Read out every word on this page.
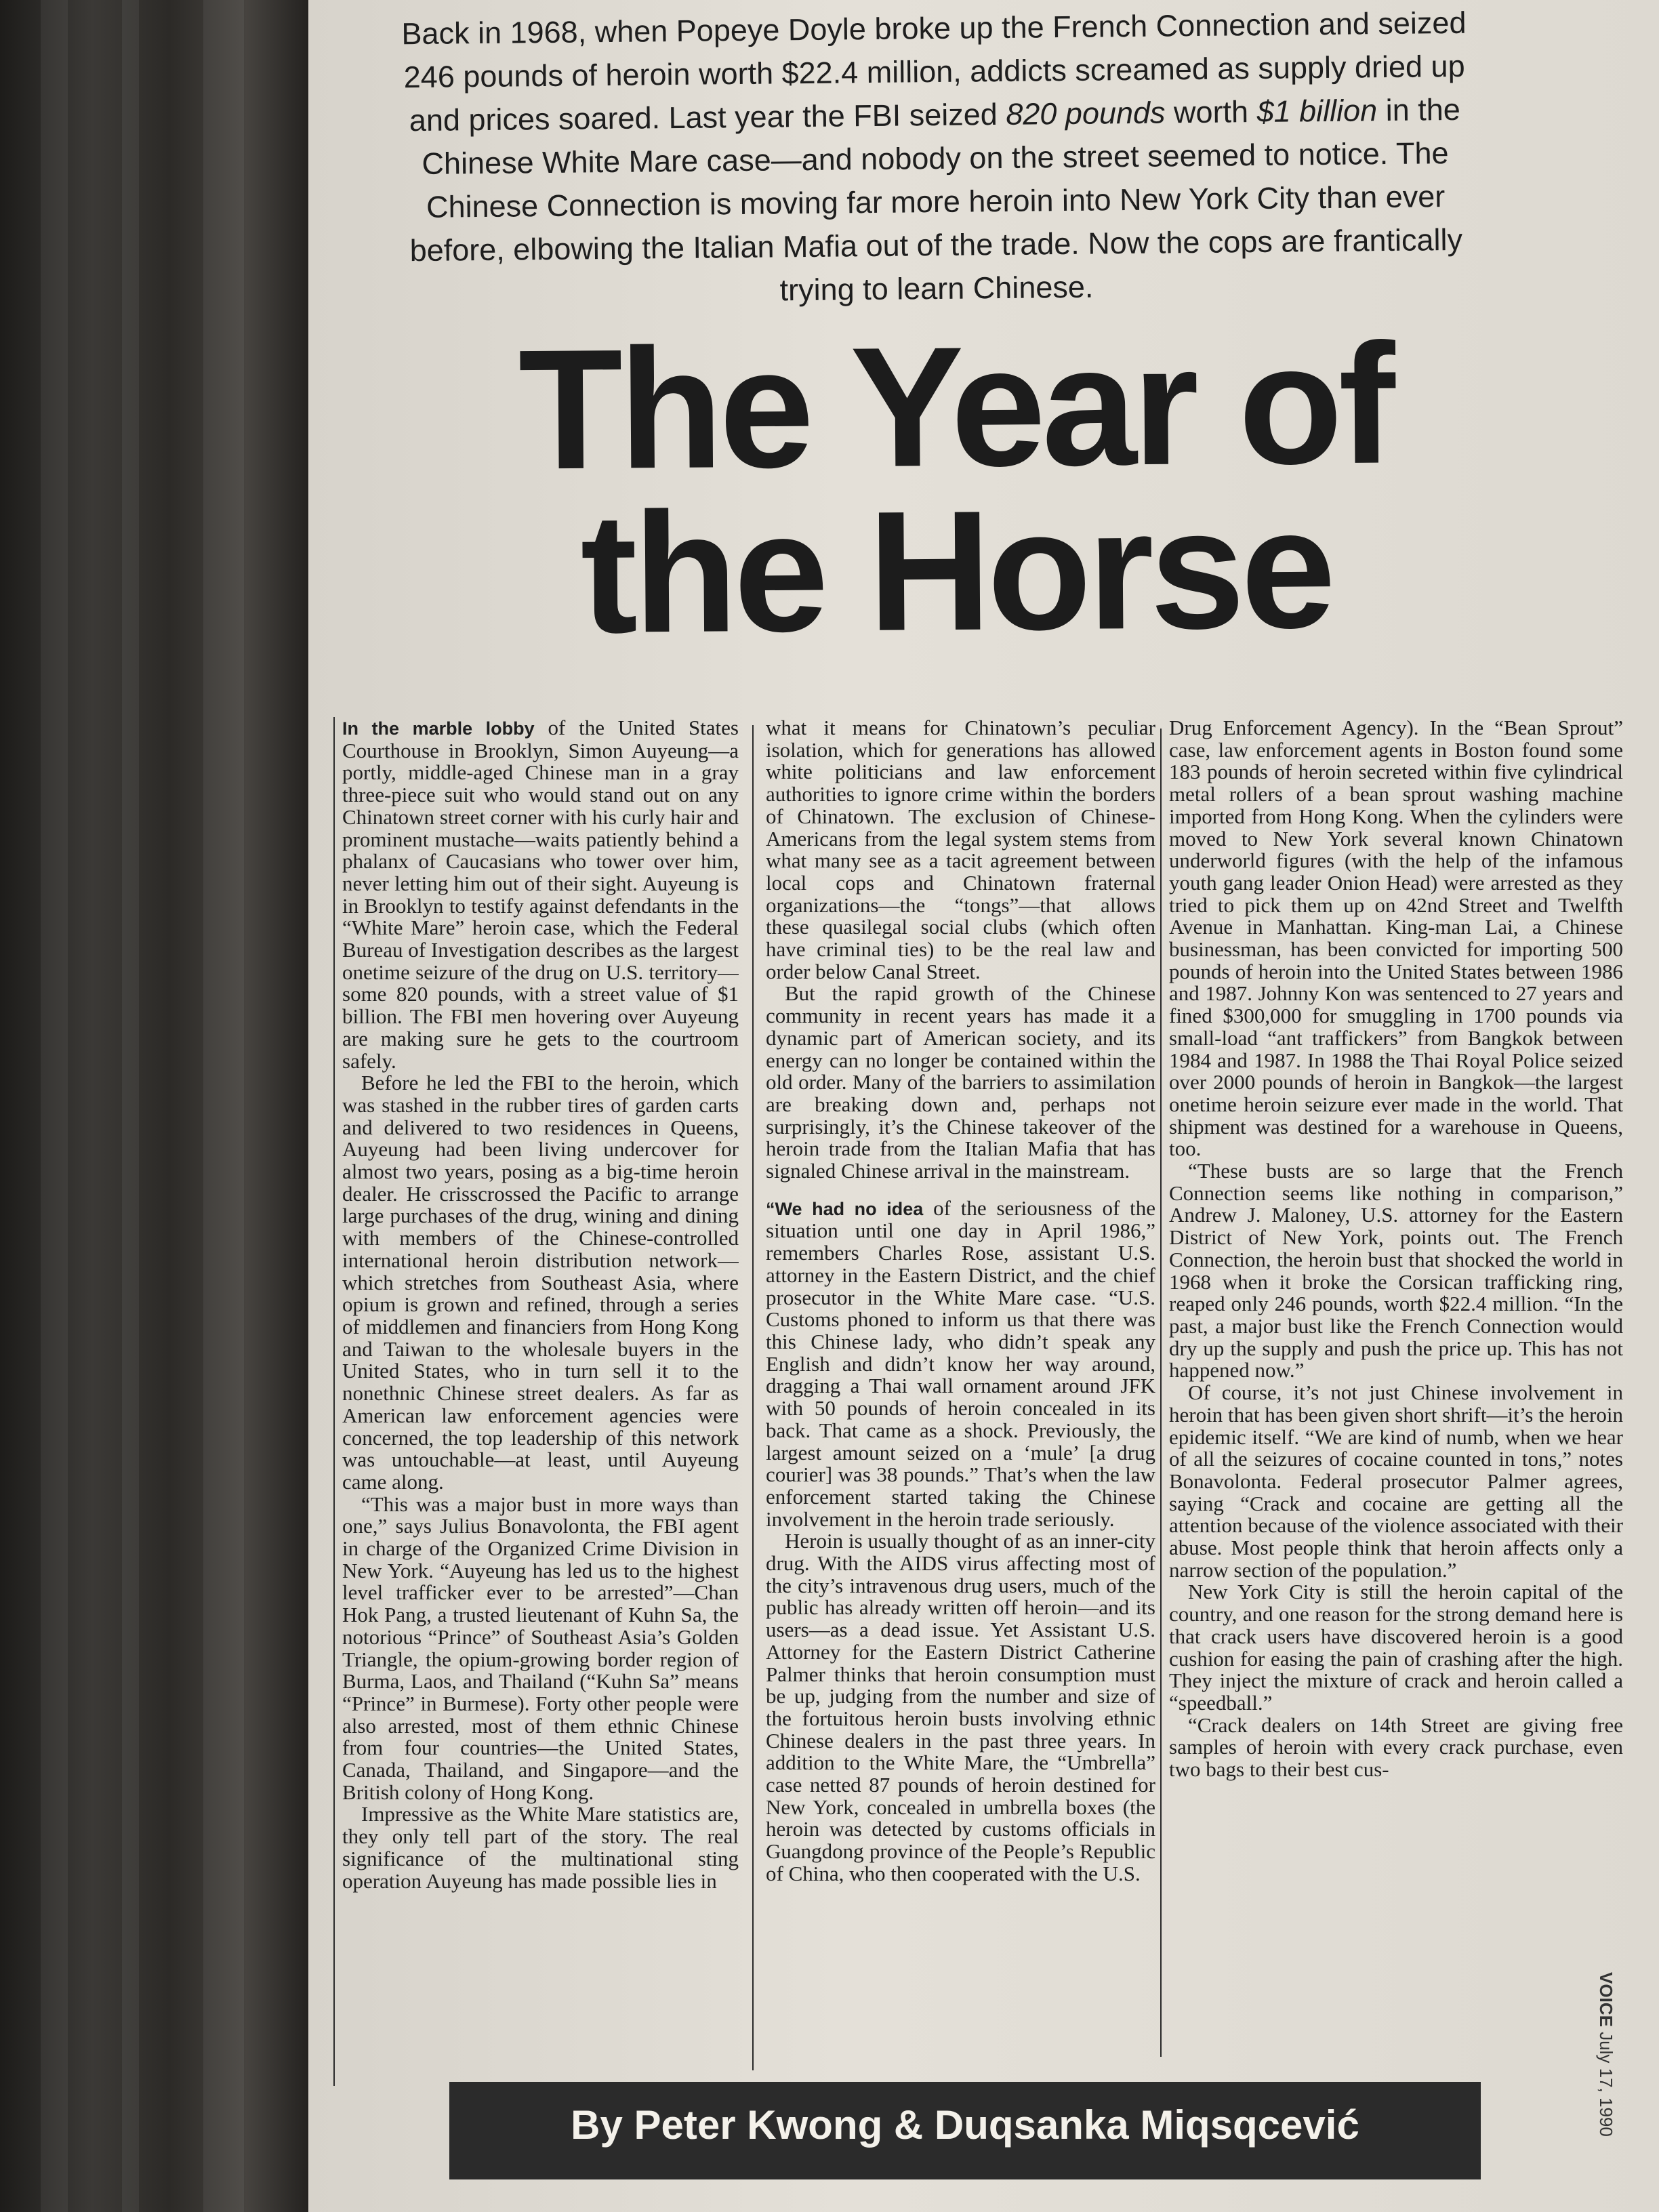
Back in 1968, when Popeye Doyle broke up the French Connection and seized 246 pounds of heroin worth $22.4 million, addicts screamed as supply dried up and prices soared. Last year the FBI seized 820 pounds worth $1 billion in the Chinese White Mare case—and nobody on the street seemed to notice. The Chinese Connection is moving far more heroin into New York City than ever before, elbowing the Italian Mafia out of the trade. Now the cops are frantically trying to learn Chinese.
The Year of
the Horse

In the marble lobby of the United States Courthouse in Brooklyn, Simon Auyeung—a portly, middle-aged Chinese man in a gray three-piece suit who would stand out on any Chinatown street corner with his curly hair and prominent mustache—waits patiently behind a phalanx of Caucasians who tower over him, never letting him out of their sight. Auyeung is in Brooklyn to testify against defendants in the “White Mare” heroin case, which the Federal Bureau of Investigation describes as the largest onetime seizure of the drug on U.S. territory—some 820 pounds, with a street value of $1 billion. The FBI men hovering over Auyeung are making sure he gets to the courtroom safely.

Before he led the FBI to the heroin, which was stashed in the rubber tires of garden carts and delivered to two residences in Queens, Auyeung had been living undercover for almost two years, posing as a big-time heroin dealer. He crisscrossed the Pacific to arrange large purchases of the drug, wining and dining with members of the Chinese-controlled international heroin distribution network—which stretches from Southeast Asia, where opium is grown and refined, through a series of middlemen and financiers from Hong Kong and Taiwan to the wholesale buyers in the United States, who in turn sell it to the nonethnic Chinese street dealers. As far as American law enforcement agencies were concerned, the top leadership of this network was untouchable—at least, until Auyeung came along.

“This was a major bust in more ways than one,” says Julius Bonavolonta, the FBI agent in charge of the Organized Crime Division in New York. “Auyeung has led us to the highest level trafficker ever to be arrested”—Chan Hok Pang, a trusted lieutenant of Kuhn Sa, the notorious “Prince” of Southeast Asia’s Golden Triangle, the opium-growing border region of Burma, Laos, and Thailand (“Kuhn Sa” means “Prince” in Burmese). Forty other people were also arrested, most of them ethnic Chinese from four countries—the United States, Canada, Thailand, and Singapore—and the British colony of Hong Kong.

Impressive as the White Mare statistics are, they only tell part of the story. The real significance of the multinational sting operation Auyeung has made possible lies in

what it means for Chinatown’s peculiar isolation, which for generations has allowed white politicians and law enforcement authorities to ignore crime within the borders of Chinatown. The exclusion of Chinese-Americans from the legal system stems from what many see as a tacit agreement between local cops and Chinatown fraternal organizations—the “tongs”—that allows these quasilegal social clubs (which often have criminal ties) to be the real law and order below Canal Street.

But the rapid growth of the Chinese community in recent years has made it a dynamic part of American society, and its energy can no longer be contained within the old order. Many of the barriers to assimilation are breaking down and, perhaps not surprisingly, it’s the Chinese takeover of the heroin trade from the Italian Mafia that has signaled Chinese arrival in the mainstream.

“We had no idea of the seriousness of the situation until one day in April 1986,” remembers Charles Rose, assistant U.S. attorney in the Eastern District, and the chief prosecutor in the White Mare case. “U.S. Customs phoned to inform us that there was this Chinese lady, who didn’t speak any English and didn’t know her way around, dragging a Thai wall ornament around JFK with 50 pounds of heroin concealed in its back. That came as a shock. Previously, the largest amount seized on a ‘mule’ [a drug courier] was 38 pounds.” That’s when the law enforcement started taking the Chinese involvement in the heroin trade seriously.

Heroin is usually thought of as an inner-city drug. With the AIDS virus affecting most of the city’s intravenous drug users, much of the public has already written off heroin—and its users—as a dead issue. Yet Assistant U.S. Attorney for the Eastern District Catherine Palmer thinks that heroin consumption must be up, judging from the number and size of the fortuitous heroin busts involving ethnic Chinese dealers in the past three years. In addition to the White Mare, the “Umbrella” case netted 87 pounds of heroin destined for New York, concealed in umbrella boxes (the heroin was detected by customs officials in Guangdong province of the People’s Republic of China, who then cooperated with the U.S.

Drug Enforcement Agency). In the “Bean Sprout” case, law enforcement agents in Boston found some 183 pounds of heroin secreted within five cylindrical metal rollers of a bean sprout washing machine imported from Hong Kong. When the cylinders were moved to New York several known Chinatown underworld figures (with the help of the infamous youth gang leader Onion Head) were arrested as they tried to pick them up on 42nd Street and Twelfth Avenue in Manhattan. King-man Lai, a Chinese businessman, has been convicted for importing 500 pounds of heroin into the United States between 1986 and 1987. Johnny Kon was sentenced to 27 years and fined $300,000 for smuggling in 1700 pounds via small-load “ant traffickers” from Bangkok between 1984 and 1987. In 1988 the Thai Royal Police seized over 2000 pounds of heroin in Bangkok—the largest onetime heroin seizure ever made in the world. That shipment was destined for a warehouse in Queens, too.

“These busts are so large that the French Connection seems like nothing in comparison,” Andrew J. Maloney, U.S. attorney for the Eastern District of New York, points out. The French Connection, the heroin bust that shocked the world in 1968 when it broke the Corsican trafficking ring, reaped only 246 pounds, worth $22.4 million. “In the past, a major bust like the French Connection would dry up the supply and push the price up. This has not happened now.”

Of course, it’s not just Chinese involvement in heroin that has been given short shrift—it’s the heroin epidemic itself. “We are kind of numb, when we hear of all the seizures of cocaine counted in tons,” notes Bonavolonta. Federal prosecutor Palmer agrees, saying “Crack and cocaine are getting all the attention because of the violence associated with their abuse. Most people think that heroin affects only a narrow section of the population.”

New York City is still the heroin capital of the country, and one reason for the strong demand here is that crack users have discovered heroin is a good cushion for easing the pain of crashing after the high. They inject the mixture of crack and heroin called a “speedball.”

“Crack dealers on 14th Street are giving free samples of heroin with every crack purchase, even two bags to their best cus-

By Peter Kwong & Duqsanka Miqsqcević
VOICE July 17, 1990
